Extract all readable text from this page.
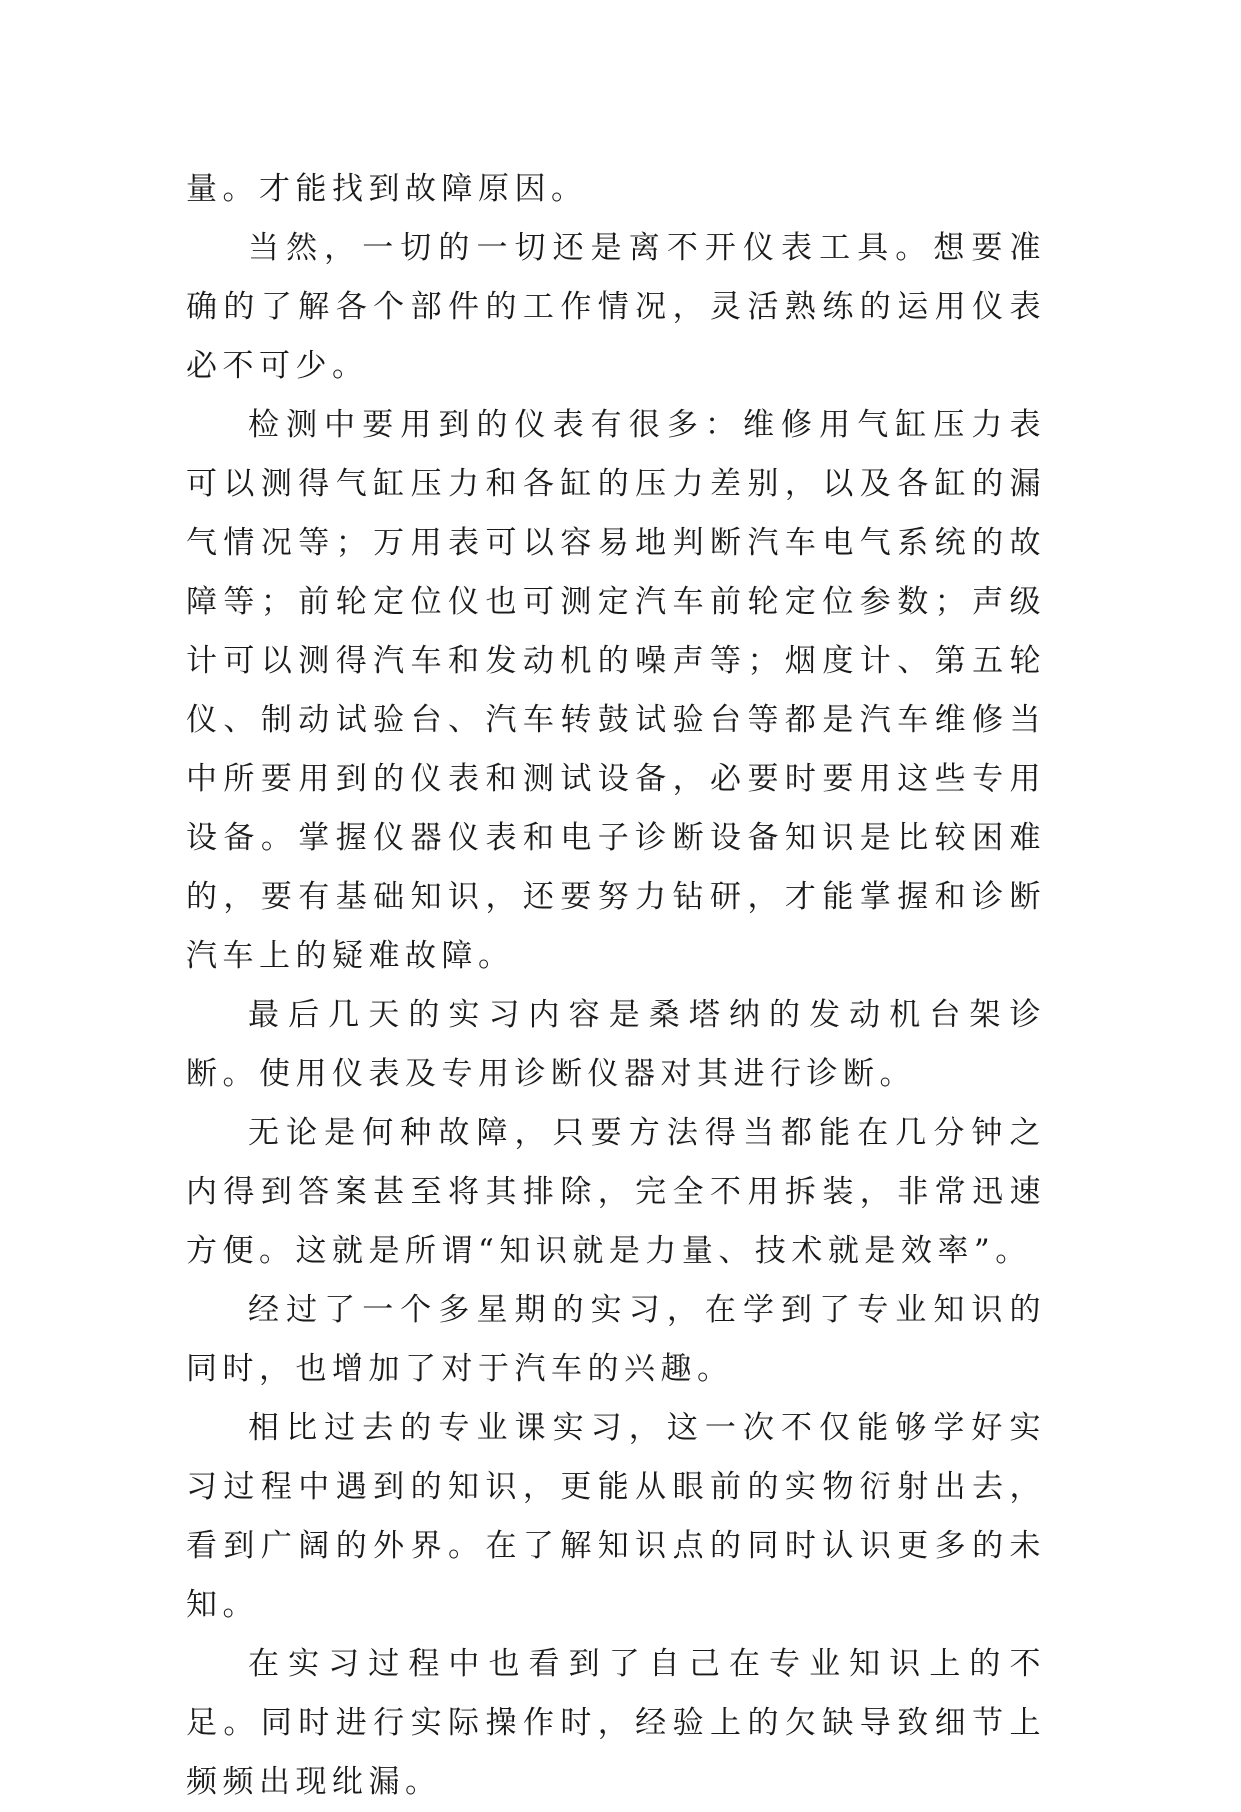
量。才能找到故障原因。

当然，一切的一切还是离不开仪表工具。想要准确的了解各个部件的工作情况，灵活熟练的运用仪表必不可少。

检测中要用到的仪表有很多：维修用气缸压力表可以测得气缸压力和各缸的压力差别，以及各缸的漏气情况等；万用表可以容易地判断汽车电气系统的故障等；前轮定位仪也可测定汽车前轮定位参数；声级计可以测得汽车和发动机的噪声等；烟度计、第五轮仪、制动试验台、汽车转鼓试验台等都是汽车维修当中所要用到的仪表和测试设备，必要时要用这些专用设备。掌握仪器仪表和电子诊断设备知识是比较困难的，要有基础知识，还要努力钻研，才能掌握和诊断汽车上的疑难故障。

最后几天的实习内容是桑塔纳的发动机台架诊断。使用仪表及专用诊断仪器对其进行诊断。

无论是何种故障，只要方法得当都能在几分钟之内得到答案甚至将其排除，完全不用拆装，非常迅速方便。这就是所谓“知识就是力量、技术就是效率”。

经过了一个多星期的实习，在学到了专业知识的同时，也增加了对于汽车的兴趣。

相比过去的专业课实习，这一次不仅能够学好实习过程中遇到的知识，更能从眼前的实物衍射出去，看到广阔的外界。在了解知识点的同时认识更多的未知。

在实习过程中也看到了自己在专业知识上的不足。同时进行实际操作时，经验上的欠缺导致细节上频频出现纰漏。
